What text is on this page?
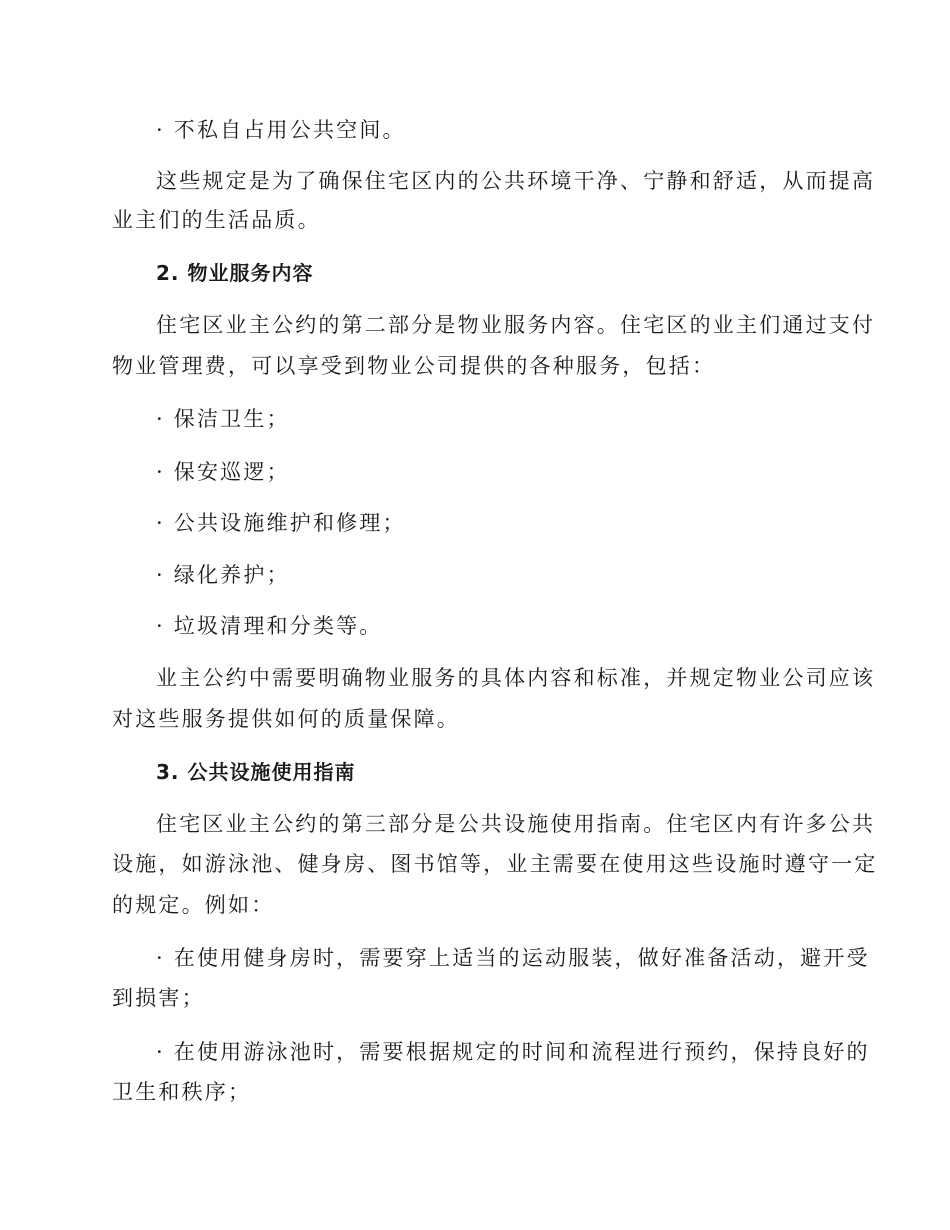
· 不私自占用公共空间。
这些规定是为了确保住宅区内的公共环境干净、宁静和舒适，从而提高
业主们的生活品质。
2. 物业服务内容
住宅区业主公约的第二部分是物业服务内容。住宅区的业主们通过支付
物业管理费，可以享受到物业公司提供的各种服务，包括：
· 保洁卫生；
· 保安巡逻；
· 公共设施维护和修理；
· 绿化养护；
· 垃圾清理和分类等。
业主公约中需要明确物业服务的具体内容和标准，并规定物业公司应该
对这些服务提供如何的质量保障。
3. 公共设施使用指南
住宅区业主公约的第三部分是公共设施使用指南。住宅区内有许多公共
设施，如游泳池、健身房、图书馆等，业主需要在使用这些设施时遵守一定
的规定。例如：
· 在使用健身房时，需要穿上适当的运动服装，做好准备活动，避开受
到损害；
· 在使用游泳池时，需要根据规定的时间和流程进行预约，保持良好的
卫生和秩序；
